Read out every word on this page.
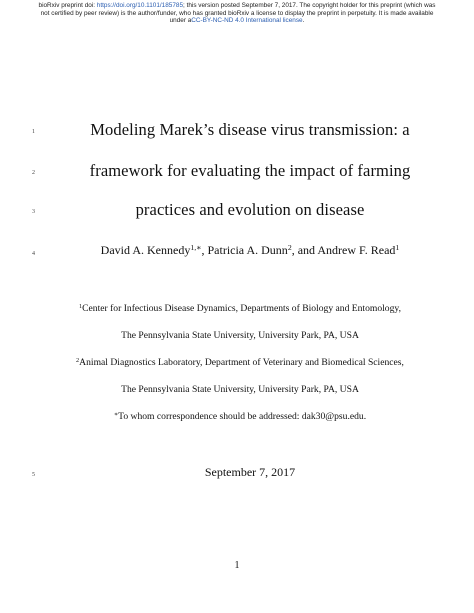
bioRxiv preprint doi: https://doi.org/10.1101/185785; this version posted September 7, 2017. The copyright holder for this preprint (which was
not certified by peer review) is the author/funder, who has granted bioRxiv a license to display the preprint in perpetuity. It is made available
under aCC-BY-NC-ND 4.0 International license.
1
2
3
4
5
Modeling Marek’s disease virus transmission: a
framework for evaluating the impact of farming
practices and evolution on disease
David A. Kennedy$^{1,∗}$, Patricia A. Dunn$^2$, and Andrew F. Read$^1$
$^1$Center for Infectious Disease Dynamics, Departments of Biology and Entomology,
The Pennsylvania State University, University Park, PA, USA
$^2$Animal Diagnostics Laboratory, Department of Veterinary and Biomedical Sciences,
The Pennsylvania State University, University Park, PA, USA
∗To whom correspondence should be addressed: dak30@psu.edu.
September 7, 2017
1
